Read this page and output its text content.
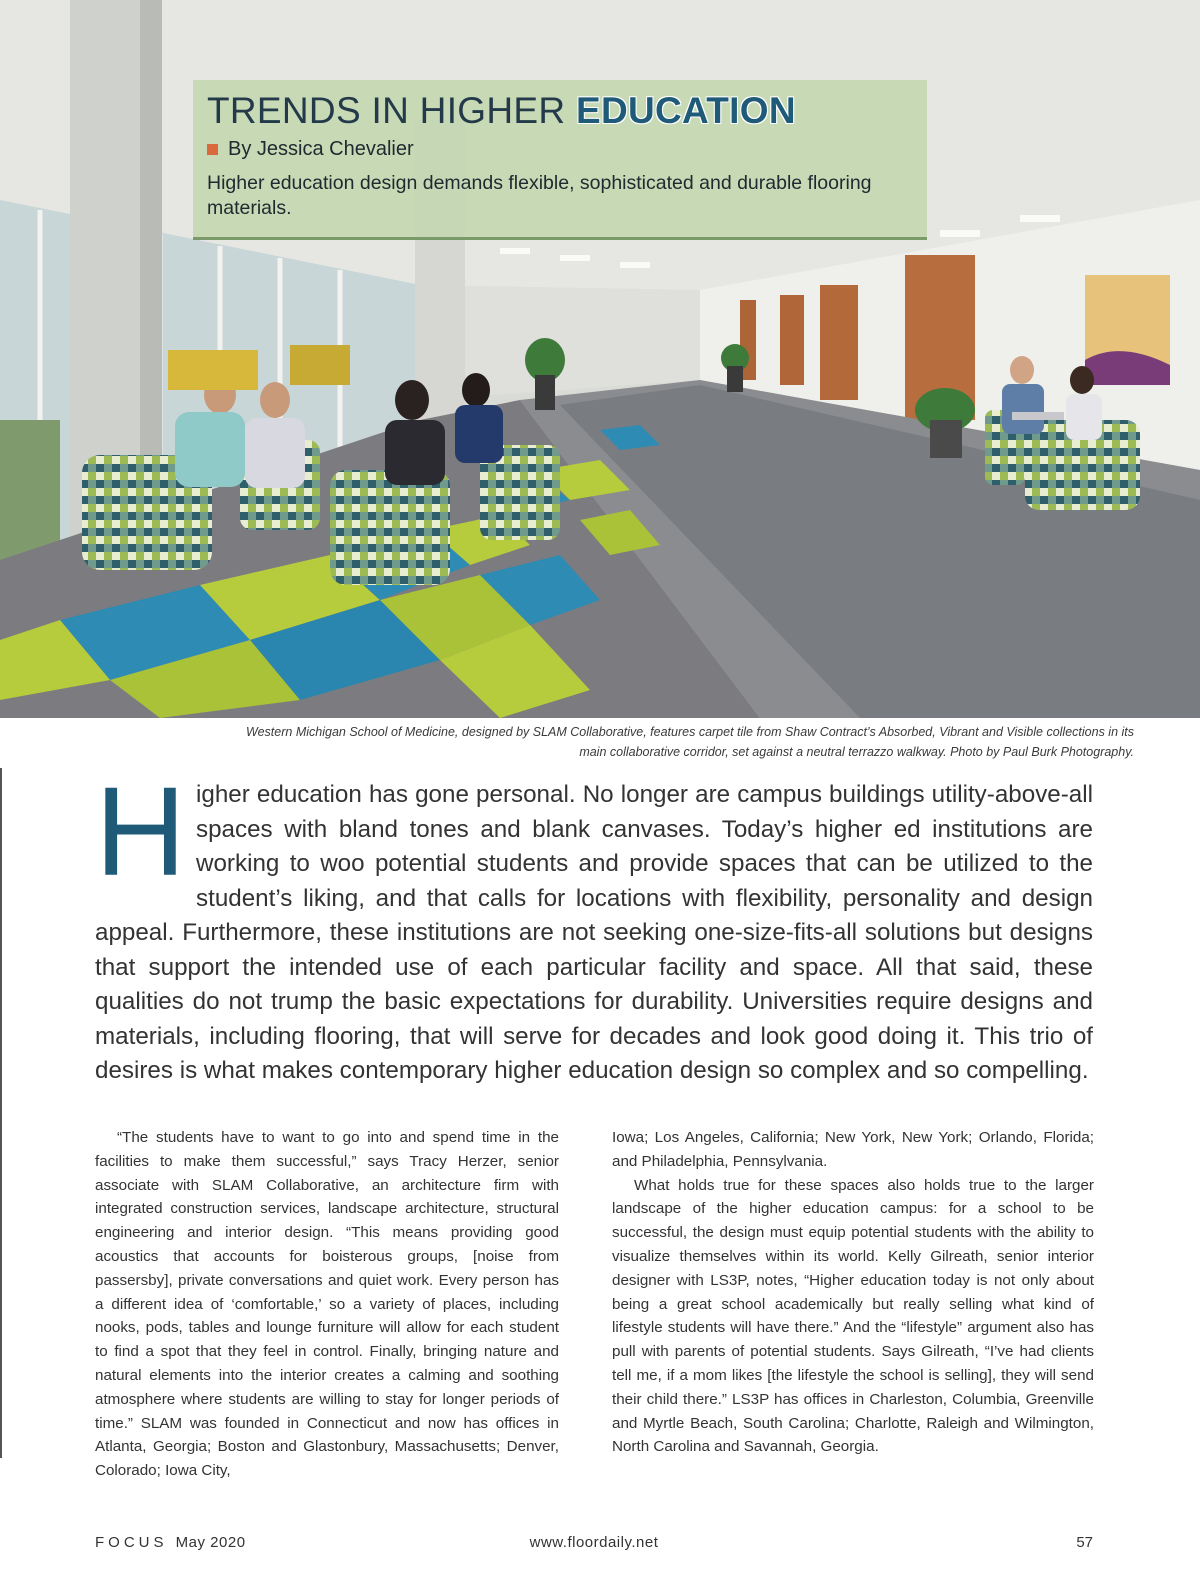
TRENDS IN HIGHER EDUCATION
By Jessica Chevalier
Higher education design demands flexible, sophisticated and durable flooring materials.
Western Michigan School of Medicine, designed by SLAM Collaborative, features carpet tile from Shaw Contract’s Absorbed, Vibrant and Visible collections in its main collaborative corridor, set against a neutral terrazzo walkway. Photo by Paul Burk Photography.
Higher education has gone personal. No longer are campus buildings utility-above-all spaces with bland tones and blank canvases. Today’s higher ed institutions are working to woo potential students and provide spaces that can be utilized to the student’s liking, and that calls for locations with flexibility, personality and design appeal. Furthermore, these institutions are not seeking one-size-fits-all solutions but designs that support the intended use of each particular facility and space. All that said, these qualities do not trump the basic expectations for durability. Universities require designs and materials, including flooring, that will serve for decades and look good doing it. This trio of desires is what makes contemporary higher education design so complex and so compelling.

“The students have to want to go into and spend time in the facilities to make them successful,” says Tracy Herzer, senior associate with SLAM Collaborative, an architecture firm with integrated construction services, landscape architecture, structural engineering and interior design. “This means providing good acoustics that accounts for boisterous groups, [noise from passersby], private conversations and quiet work. Every person has a different idea of ‘comfortable,’ so a variety of places, including nooks, pods, tables and lounge furniture will allow for each student to find a spot that they feel in control. Finally, bringing nature and natural elements into the interior creates a calming and soothing atmosphere where students are willing to stay for longer periods of time.” SLAM was founded in Connecticut and now has offices in Atlanta, Georgia; Boston and Glastonbury, Massachusetts; Denver, Colorado; Iowa City,

Iowa; Los Angeles, California; New York, New York; Orlando, Florida; and Philadelphia, Pennsylvania.

What holds true for these spaces also holds true to the larger landscape of the higher education campus: for a school to be successful, the design must equip potential students with the ability to visualize themselves within its world. Kelly Gilreath, senior interior designer with LS3P, notes, “Higher education today is not only about being a great school academically but really selling what kind of lifestyle students will have there.” And the “lifestyle” argument also has pull with parents of potential students. Says Gilreath, “I’ve had clients tell me, if a mom likes [the lifestyle the school is selling], they will send their child there.” LS3P has offices in Charleston, Columbia, Greenville and Myrtle Beach, South Carolina; Charlotte, Raleigh and Wilmington, North Carolina and Savannah, Georgia.

FOCUS May 2020	www.floordaily.net	57
